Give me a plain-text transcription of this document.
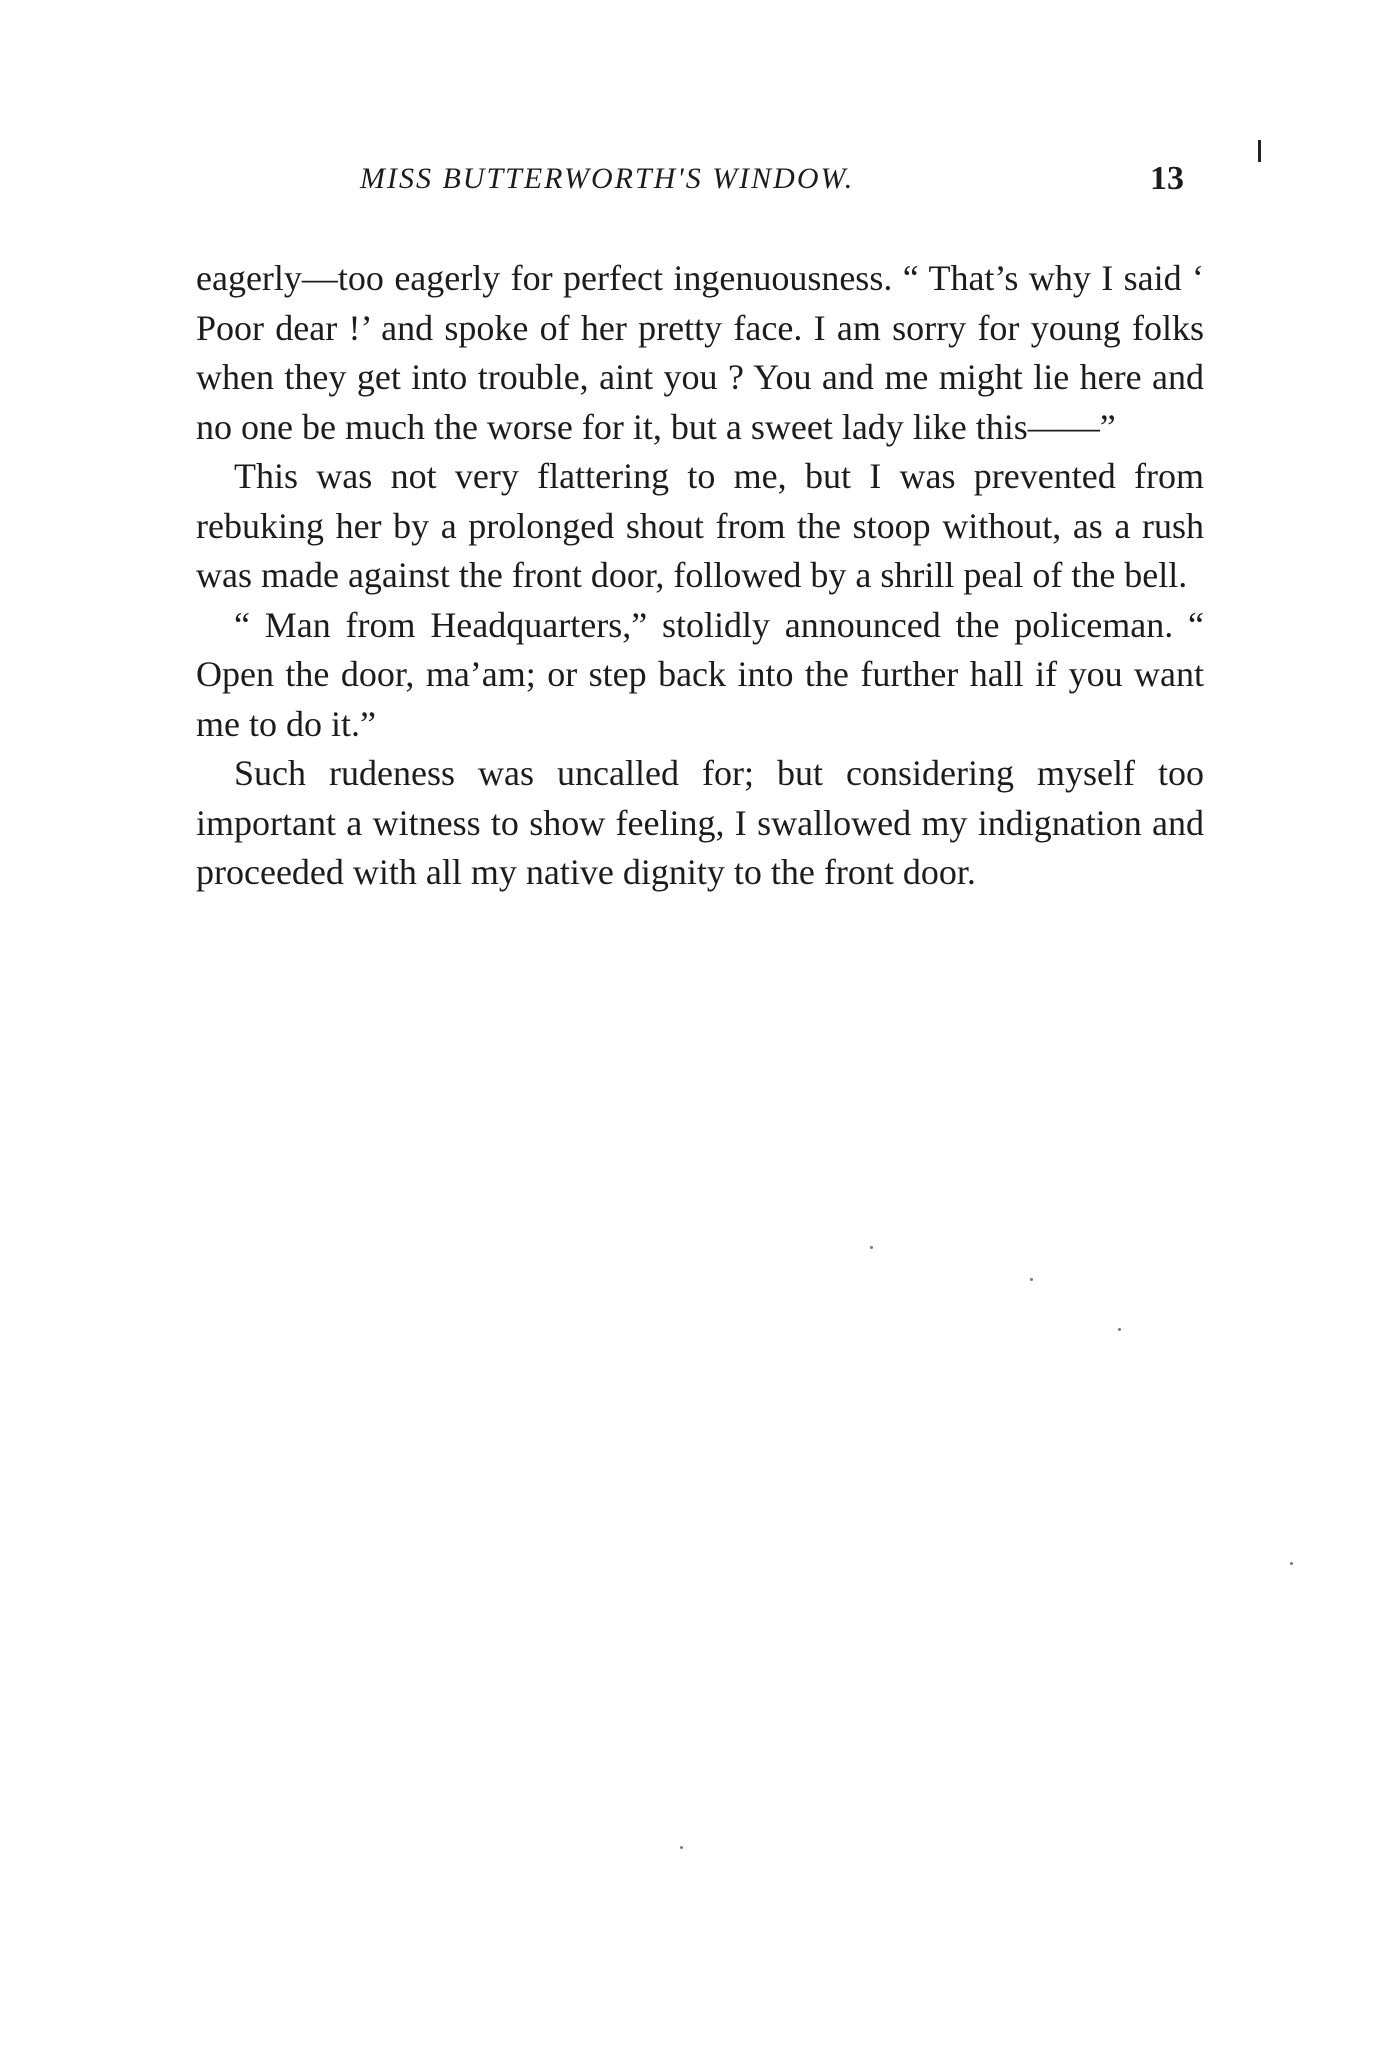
MISS BUTTERWORTH'S WINDOW.	13

eagerly—too eagerly for perfect ingenuousness. “ That’s why I said ‘ Poor dear !’ and spoke of her pretty face. I am sorry for young folks when they get into trouble, aint you ? You and me might lie here and no one be much the worse for it, but a sweet lady like this——”

This was not very flattering to me, but I was prevented from rebuking her by a prolonged shout from the stoop without, as a rush was made against the front door, followed by a shrill peal of the bell.

“ Man from Headquarters,” stolidly announced the policeman. “ Open the door, ma’am; or step back into the further hall if you want me to do it.”

Such rudeness was uncalled for; but considering myself too important a witness to show feeling, I swallowed my indignation and proceeded with all my native dignity to the front door.
